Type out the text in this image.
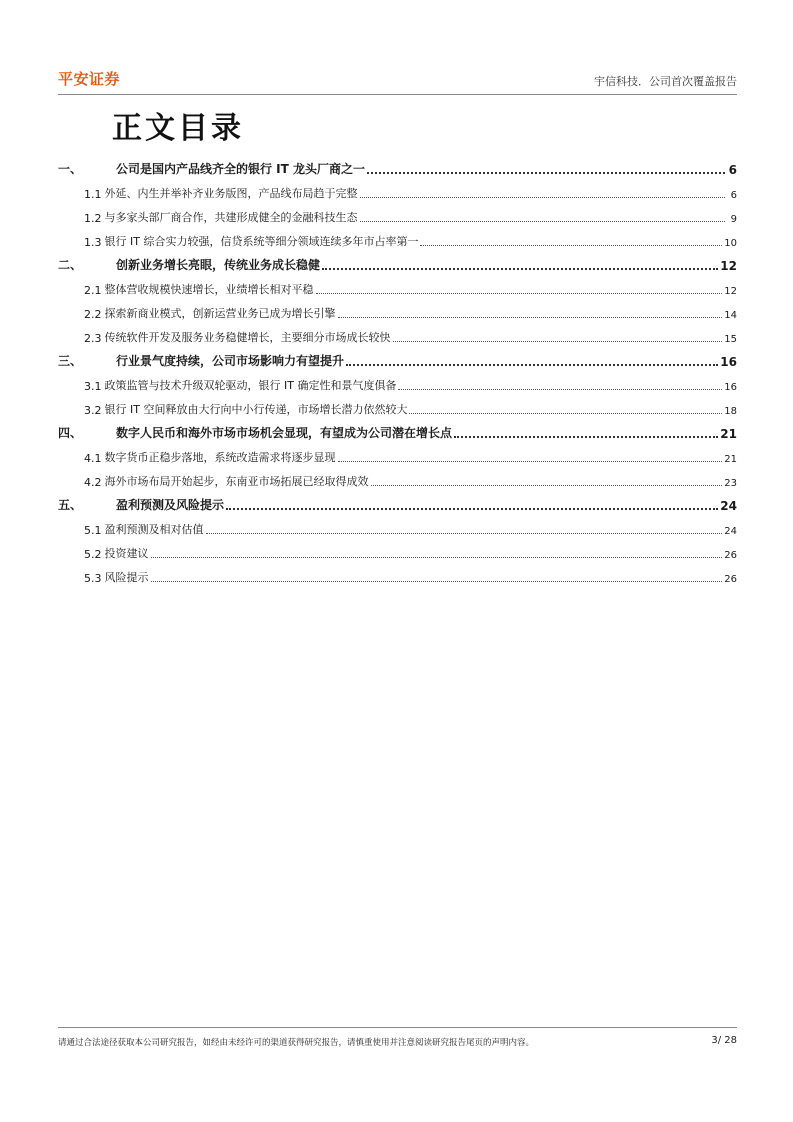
平安证券	宇信科技．公司首次覆盖报告
正文目录
一、	公司是国内产品线齐全的银行 IT 龙头厂商之一	6
1.1 外延、内生并举补齐业务版图，产品线布局趋于完整	6
1.2 与多家头部厂商合作，共建形成健全的金融科技生态	9
1.3 银行 IT 综合实力较强，信贷系统等细分领域连续多年市占率第一	10
二、	创新业务增长亮眼，传统业务成长稳健	12
2.1 整体营收规模快速增长，业绩增长相对平稳	12
2.2 探索新商业模式，创新运营业务已成为增长引擎	14
2.3 传统软件开发及服务业务稳健增长，主要细分市场成长较快	15
三、	行业景气度持续，公司市场影响力有望提升	16
3.1 政策监管与技术升级双轮驱动，银行 IT 确定性和景气度俱备	16
3.2 银行 IT 空间释放由大行向中小行传递，市场增长潜力依然较大	18
四、	数字人民币和海外市场市场机会显现，有望成为公司潜在增长点	21
4.1 数字货币正稳步落地，系统改造需求将逐步显现	21
4.2 海外市场布局开始起步，东南亚市场拓展已经取得成效	23
五、	盈利预测及风险提示	24
5.1 盈利预测及相对估值	24
5.2 投资建议	26
5.3 风险提示	26
请通过合法途径获取本公司研究报告，如经由未经许可的渠道获得研究报告，请慎重使用并注意阅读研究报告尾页的声明内容。	3/ 28
